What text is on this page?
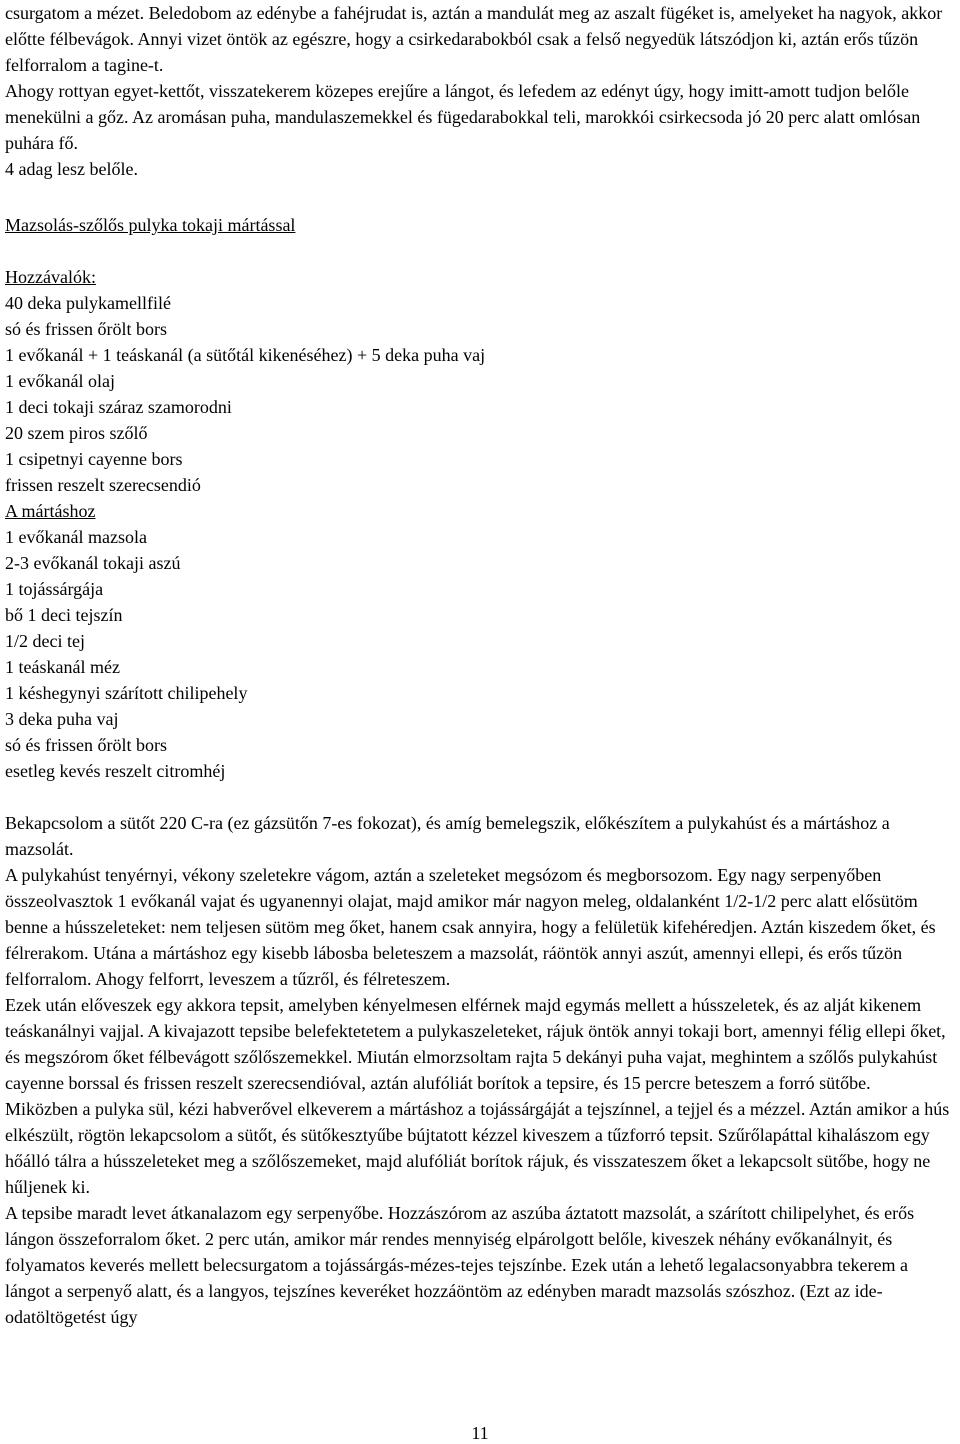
csurgatom a mézet. Beledobom az edénybe a fahéjrudat is, aztán a mandulát meg az aszalt fügéket is, amelyeket ha nagyok, akkor előtte félbevágok. Annyi vizet öntök az egészre, hogy a csirkedarabokból csak a felső negyedük látszódjon ki, aztán erős tűzön felforralom a tagine-t.

Ahogy rottyan egyet-kettőt, visszatekerem közepes erejűre a lángot, és lefedem az edényt úgy, hogy imitt-amott tudjon belőle menekülni a gőz. Az aromásan puha, mandulaszemekkel és fügedarabokkal teli, marokkói csirkecsoda jó 20 perc alatt omlósan puhára fő.

4 adag lesz belőle.

Mazsolás-szőlős pulyka tokaji mártással

Hozzávalók:

40 deka pulykamellfilé
só és frissen őrölt bors
1 evőkanál + 1 teáskanál (a sütőtál kikenéséhez) + 5 deka puha vaj
1 evőkanál olaj
1 deci tokaji száraz szamorodni
20 szem piros szőlő
1 csipetnyi cayenne bors
frissen reszelt szerecsendió

A mártáshoz

1 evőkanál mazsola
2-3 evőkanál tokaji aszú
1 tojássárgája
bő 1 deci tejszín
1/2 deci tej
1 teáskanál méz
1 késhegynyi szárított chilipehely
3 deka puha vaj
só és frissen őrölt bors
esetleg kevés reszelt citromhéj

Bekapcsolom a sütőt 220 C-ra (ez gázsütőn 7-es fokozat), és amíg bemelegszik, előkészítem a pulykahúst és a mártáshoz a mazsolát.

A pulykahúst tenyérnyi, vékony szeletekre vágom, aztán a szeleteket megsózom és megborsozom. Egy nagy serpenyőben összeolvasztok 1 evőkanál vajat és ugyanennyi olajat, majd amikor már nagyon meleg, oldalanként 1/2-1/2 perc alatt elősütöm benne a hússzeleteket: nem teljesen sütöm meg őket, hanem csak annyira, hogy a felületük kifehéredjen. Aztán kiszedem őket, és félrerakom. Utána a mártáshoz egy kisebb lábosba beleteszem a mazsolát, ráöntök annyi aszút, amennyi ellepi, és erős tűzön felforralom. Ahogy felforrt, leveszem a tűzről, és félreteszem.

Ezek után előveszek egy akkora tepsit, amelyben kényelmesen elférnek majd egymás mellett a hússzeletek, és az alját kikenem teáskanálnyi vajjal. A kivajazott tepsibe belefektetetem a pulykaszeleteket, rájuk öntök annyi tokaji bort, amennyi félig ellepi őket, és megszórom őket félbevágott szőlőszemekkel. Miután elmorzsoltam rajta 5 dekányi puha vajat, meghintem a szőlős pulykahúst cayenne borssal és frissen reszelt szerecsendióval, aztán alufóliát borítok a tepsire, és 15 percre beteszem a forró sütőbe.

Miközben a pulyka sül, kézi habverővel elkeverem a mártáshoz a tojássárgáját a tejszínnel, a tejjel és a mézzel. Aztán amikor a hús elkészült, rögtön lekapcsolom a sütőt, és sütőkesztyűbe bújtatott kézzel kiveszem a tűzforró tepsit. Szűrőlapáttal kihalászom egy hőálló tálra a hússzeleteket meg a szőlőszemeket, majd alufóliát borítok rájuk, és visszateszem őket a lekapcsolt sütőbe, hogy ne hűljenek ki.

A tepsibe maradt levet átkanalazom egy serpenyőbe. Hozzászórom az aszúba áztatott mazsolát, a szárított chilipelyhet, és erős lángon összeforralom őket. 2 perc után, amikor már rendes mennyiség elpárolgott belőle, kiveszek néhány evőkanálnyit, és folyamatos keverés mellett belecsurgatom a tojássárgás-mézes-tejes tejszínbe. Ezek után a lehető legalacsonyabbra tekerem a lángot a serpenyő alatt, és a langyos, tejszínes keveréket hozzáöntöm az edényben maradt mazsolás szószhoz. (Ezt az ide-odatöltögetést úgy

11
